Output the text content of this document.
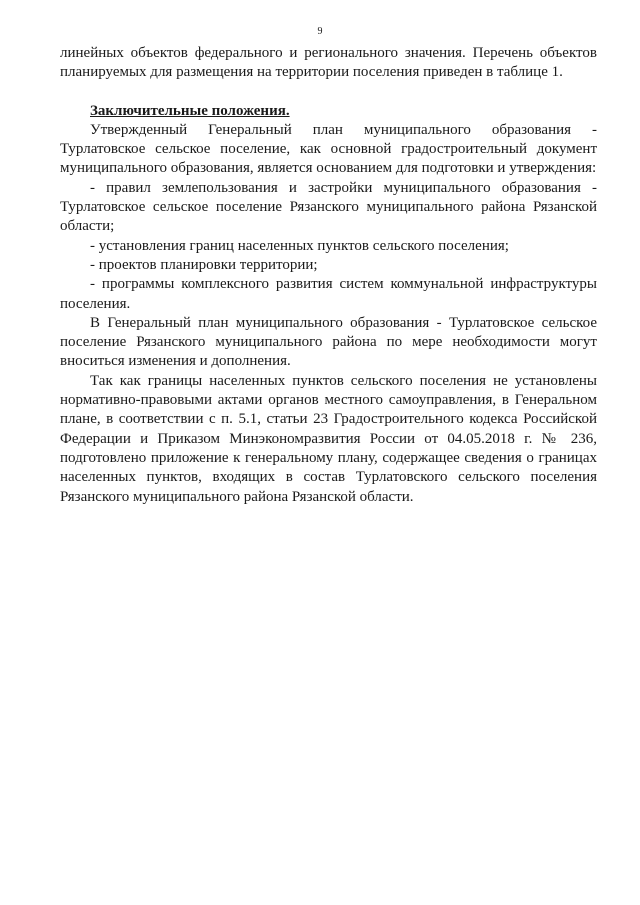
9

линейных объектов федерального и регионального значения. Перечень объектов планируемых для размещения на территории поселения приведен в таблице 1.

Заключительные положения.

Утвержденный Генеральный план муниципального образования - Турлатовское сельское поселение, как основной градостроительный документ муниципального образования, является основанием для подготовки и утверждения:

- правил землепользования и застройки муниципального образования - Турлатовское сельское поселение Рязанского муниципального района Рязанской области;

- установления границ населенных пунктов сельского поселения;

- проектов планировки территории;

- программы комплексного развития систем коммунальной инфраструктуры поселения.

В Генеральный план муниципального образования - Турлатовское сельское поселение Рязанского муниципального района по мере необходимости могут вноситься изменения и дополнения.

Так как границы населенных пунктов сельского поселения не установлены нормативно-правовыми актами органов местного самоуправления, в Генеральном плане, в соответствии с п. 5.1, статьи 23 Градостроительного кодекса Российской Федерации и Приказом Минэкономразвития России от 04.05.2018 г. № 236, подготовлено приложение к генеральному плану, содержащее сведения о границах населенных пунктов, входящих в состав Турлатовского сельского поселения Рязанского муниципального района Рязанской области.
